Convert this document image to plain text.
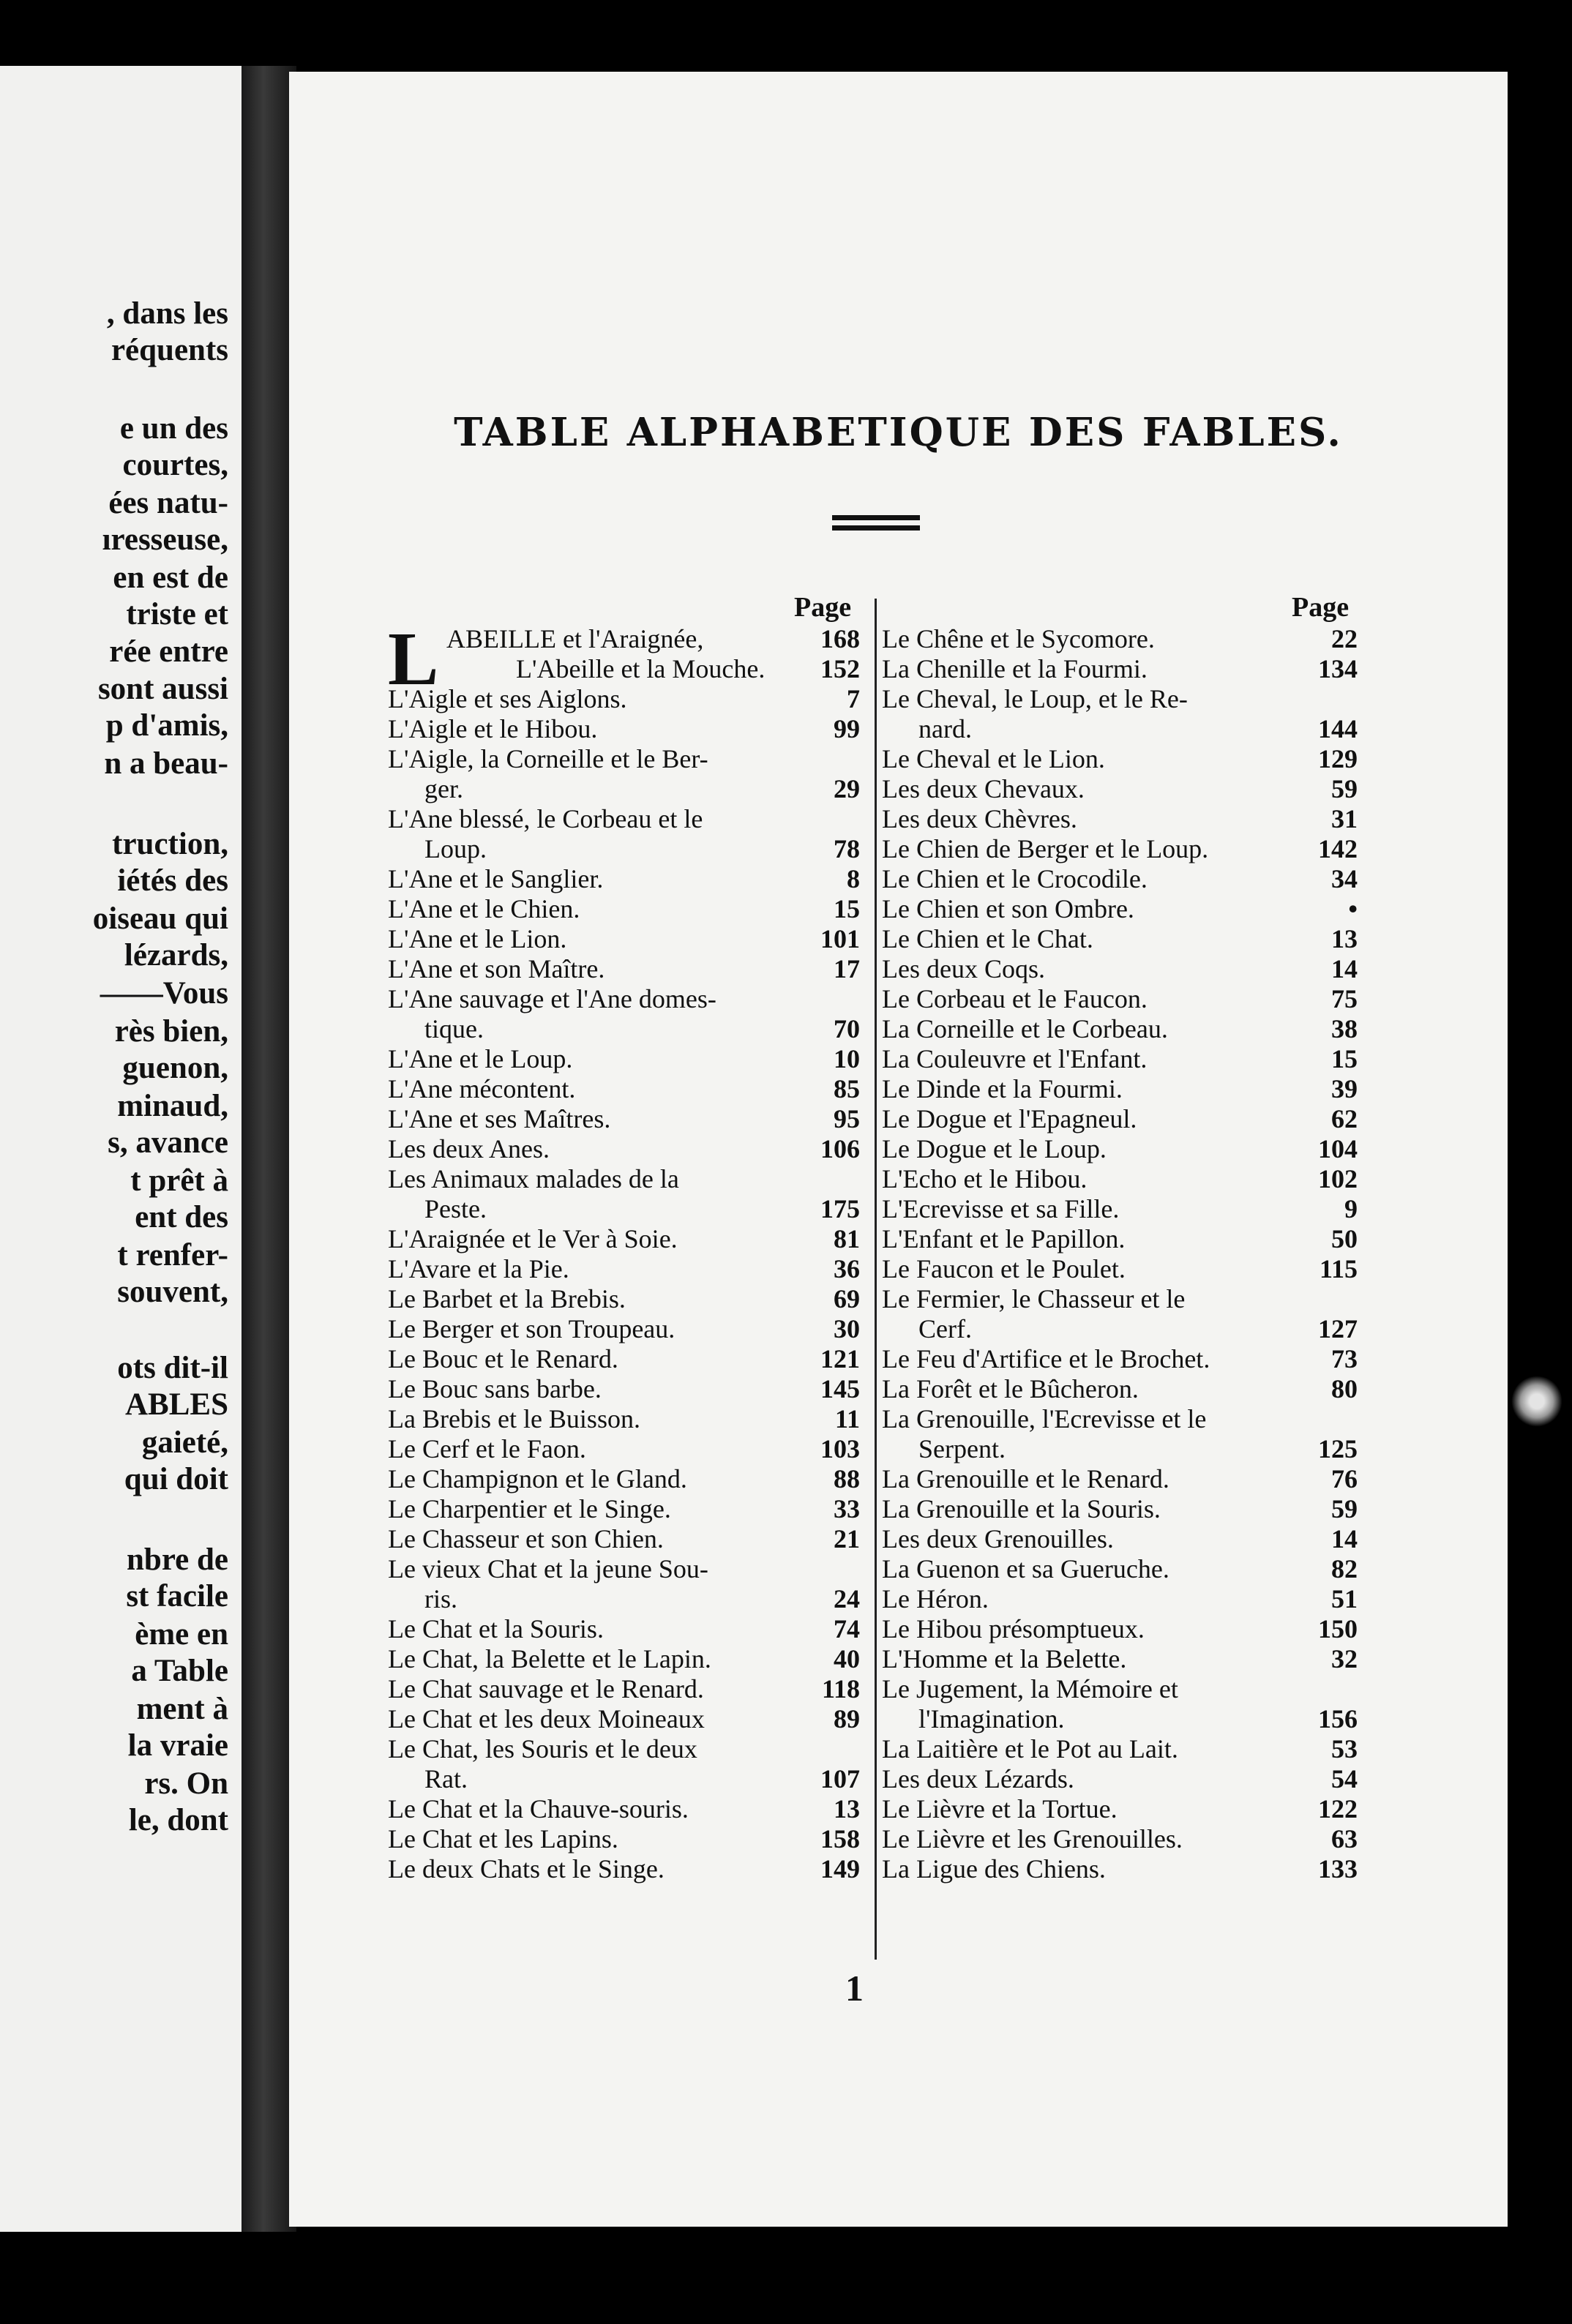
, dans les
réquents
e un des
courtes,
ées natu-
ıresseuse,
en est de
triste et
rée entre
sont aussi
p d'amis,
n a beau-
truction,
iétés des
oiseau qui
lézards,
——Vous
rès bien,
guenon,
minaud,
s, avance
t prêt à
ent des
t renfer-
souvent,
ots dit-il
ABLES
gaieté,
qui doit
nbre de
st facile
ème en
a Table
ment à
la vraie
rs. On
le, dont
TABLE ALPHABETIQUE DES FABLES.
Page	Page
L ABEILLE et l'Araignée,	168
L'Abeille et la Mouche. 152
L'Aigle et ses Aiglons.	7
L'Aigle et le Hibou.	99
L'Aigle, la Corneille et le Ber-
ger.	29
L'Ane blessé, le Corbeau et le
Loup.	78
L'Ane et le Sanglier.	8
L'Ane et le Chien.	15
L'Ane et le Lion.	101
L'Ane et son Maître.	17
L'Ane sauvage et l'Ane domes-
tique.	70
L'Ane et le Loup.	10
L'Ane mécontent.	85
L'Ane et ses Maîtres.	95
Les deux Anes.	106
Les Animaux malades de la
Peste.	175
L'Araignée et le Ver à Soie.	81
L'Avare et la Pie.	36
Le Barbet et la Brebis.	69
Le Berger et son Troupeau.	30
Le Bouc et le Renard.	121
Le Bouc sans barbe.	145
La Brebis et le Buisson.	11
Le Cerf et le Faon.	103
Le Champignon et le Gland.	88
Le Charpentier et le Singe.	33
Le Chasseur et son Chien.	21
Le vieux Chat et la jeune Sou-
ris.	24
Le Chat et la Souris.	74
Le Chat, la Belette et le Lapin.	40
Le Chat sauvage et le Renard.	118
Le Chat et les deux Moineaux	89
Le Chat, les Souris et le deux
Rat.	107
Le Chat et la Chauve-souris.	13
Le Chat et les Lapins.	158
Le deux Chats et le Singe.	149
Le Chêne et le Sycomore.	22
La Chenille et la Fourmi.	134
Le Cheval, le Loup, et le Re-
nard.	144
Le Cheval et le Lion.	129
Les deux Chevaux.	59
Les deux Chèvres.	31
Le Chien de Berger et le Loup.	142
Le Chien et le Crocodile.	34
Le Chien et son Ombre.	•
Le Chien et le Chat.	13
Les deux Coqs.	14
Le Corbeau et le Faucon.	75
La Corneille et le Corbeau.	38
La Couleuvre et l'Enfant.	15
Le Dinde et la Fourmi.	39
Le Dogue et l'Epagneul.	62
Le Dogue et le Loup.	104
L'Echo et le Hibou.	102
L'Ecrevisse et sa Fille.	9
L'Enfant et le Papillon.	50
Le Faucon et le Poulet.	115
Le Fermier, le Chasseur et le
Cerf.	127
Le Feu d'Artifice et le Brochet.	73
La Forêt et le Bûcheron.	80
La Grenouille, l'Ecrevisse et le
Serpent.	125
La Grenouille et le Renard.	76
La Grenouille et la Souris.	59
Les deux Grenouilles.	14
La Guenon et sa Gueruche.	82
Le Héron.	51
Le Hibou présomptueux.	150
L'Homme et la Belette.	32
Le Jugement, la Mémoire et
l'Imagination.	156
La Laitière et le Pot au Lait.	53
Les deux Lézards.	54
Le Lièvre et la Tortue.	122
Le Lièvre et les Grenouilles.	63
La Ligue des Chiens.	133
1
